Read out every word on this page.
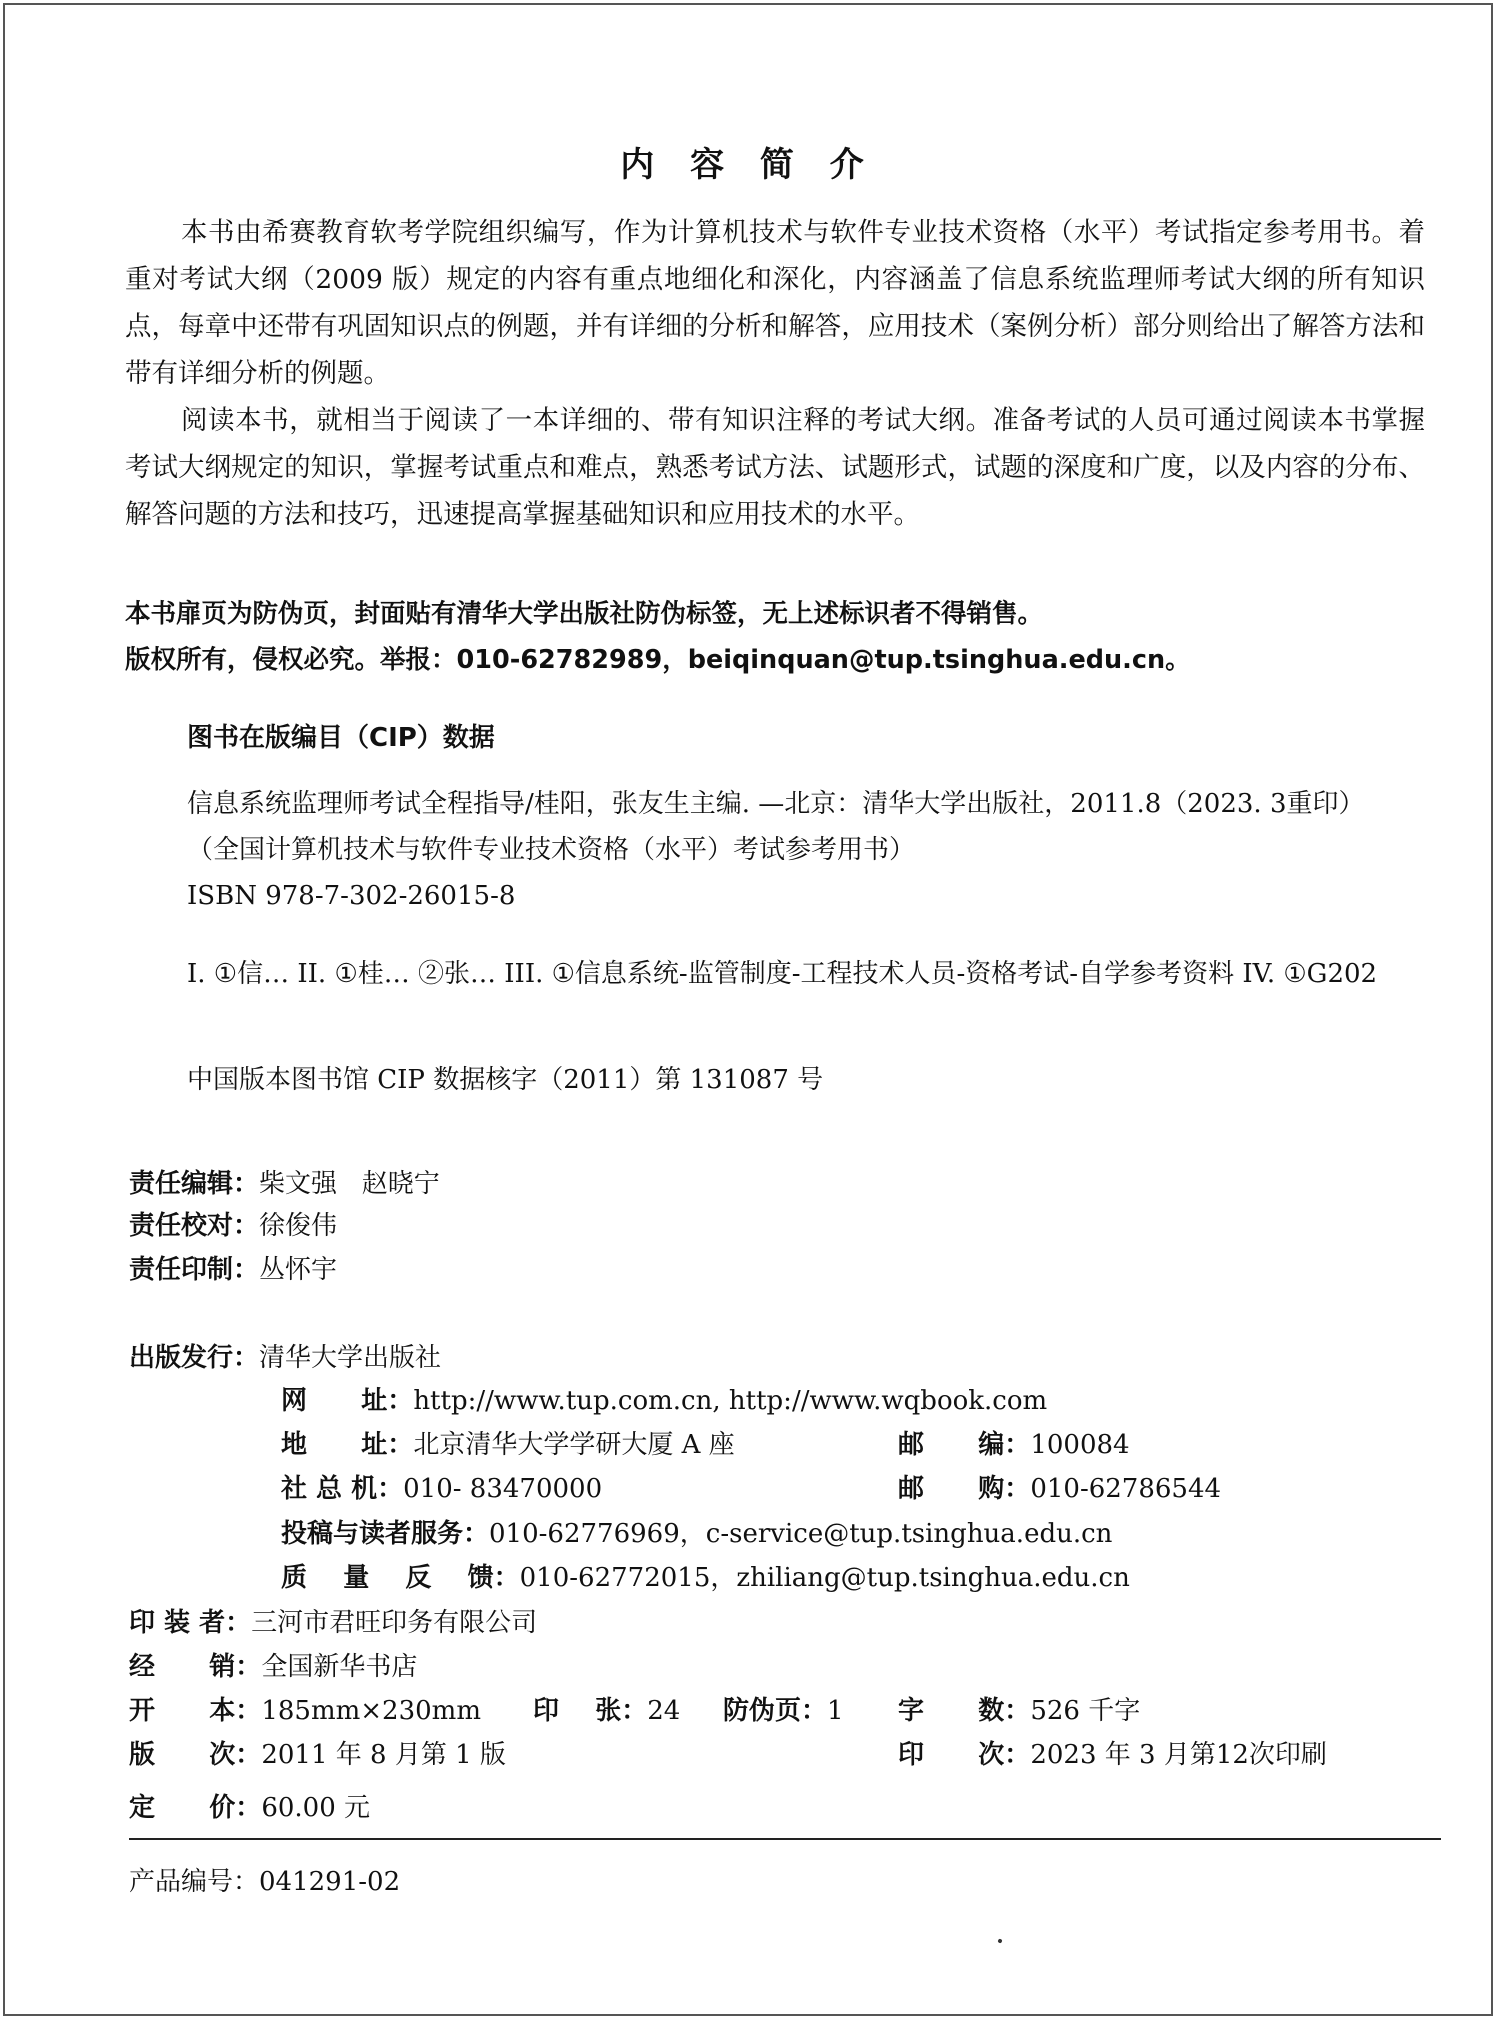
内 容 简 介

本书由希赛教育软考学院组织编写，作为计算机技术与软件专业技术资格（水平）考试指定参考用书。着重对考试大纲（2009 版）规定的内容有重点地细化和深化，内容涵盖了信息系统监理师考试大纲的所有知识点，每章中还带有巩固知识点的例题，并有详细的分析和解答，应用技术（案例分析）部分则给出了解答方法和带有详细分析的例题。

阅读本书，就相当于阅读了一本详细的、带有知识注释的考试大纲。准备考试的人员可通过阅读本书掌握考试大纲规定的知识，掌握考试重点和难点，熟悉考试方法、试题形式，试题的深度和广度，以及内容的分布、解答问题的方法和技巧，迅速提高掌握基础知识和应用技术的水平。

本书扉页为防伪页，封面贴有清华大学出版社防伪标签，无上述标识者不得销售。
版权所有，侵权必究。举报：010-62782989，beiqinquan@tup.tsinghua.edu.cn。
图书在版编目（CIP）数据
信息系统监理师考试全程指导/桂阳，张友生主编. —北京：清华大学出版社，2011.8（2023. 3重印）
（全国计算机技术与软件专业技术资格（水平）考试参考用书）
ISBN 978-7-302-26015-8
I. ①信… II. ①桂… ②张… III. ①信息系统-监管制度-工程技术人员-资格考试-自学参考资料 IV. ①G202
中国版本图书馆 CIP 数据核字（2011）第 131087 号
责任编辑：柴文强   赵晓宁
责任校对：徐俊伟
责任印制：丛怀宇
出版发行：清华大学出版社
网      址：http://www.tup.com.cn, http://www.wqbook.com
地      址：北京清华大学学研大厦 A 座	邮      编：100084
社 总 机：010- 83470000	邮      购：010-62786544
投稿与读者服务：010-62776969，c-service@tup.tsinghua.edu.cn
质    量    反    馈：010-62772015，zhiliang@tup.tsinghua.edu.cn
印 装 者：三河市君旺印务有限公司
经      销：全国新华书店
开      本：185mm×230mm 印    张：24 防伪页：1 字      数：526 千字
版      次：2011 年 8 月第 1 版	印      次：2023 年 3 月第12次印刷
定      价：60.00 元
产品编号：041291-02
